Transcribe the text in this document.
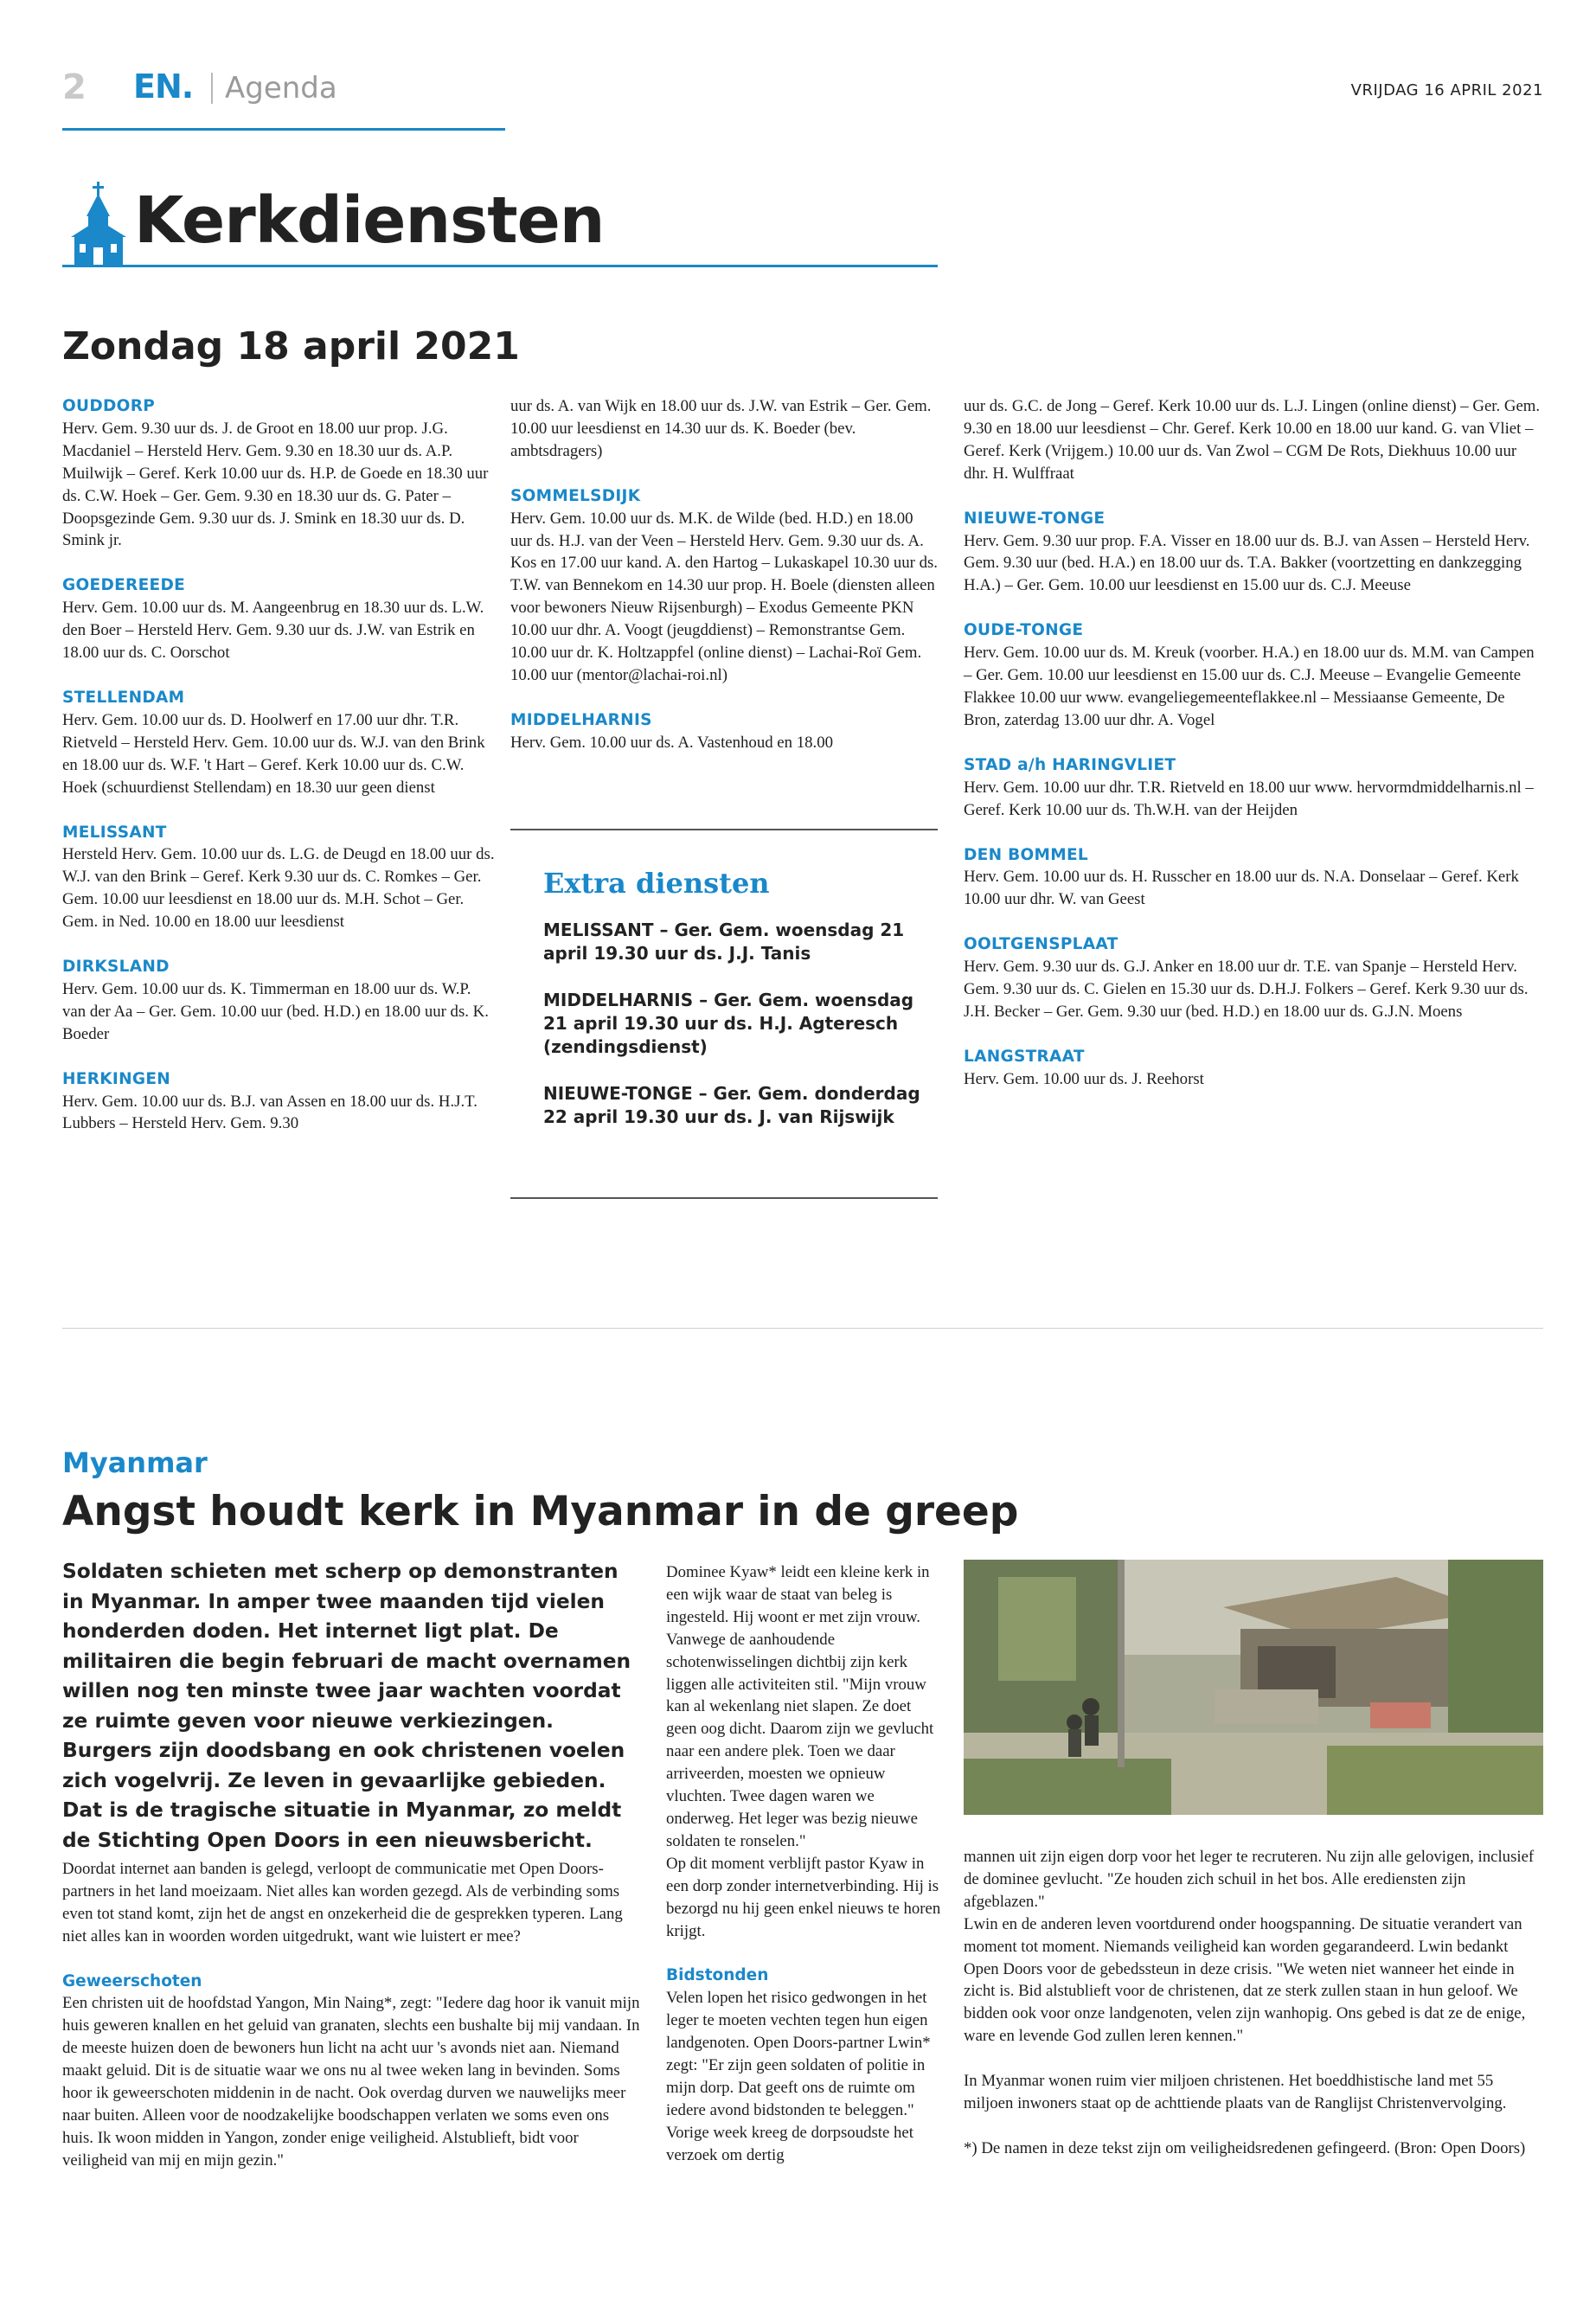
2 EN. Agenda	VRIJDAG 16 APRIL 2021
Kerkdiensten
Zondag 18 april 2021
OUDDORP

Herv. Gem. 9.30 uur ds. J. de Groot en 18.00 uur prop. J.G. Macdaniel – Hersteld Herv. Gem. 9.30 en 18.30 uur ds. A.P. Muilwijk – Geref. Kerk 10.00 uur ds. H.P. de Goede en 18.30 uur ds. C.W. Hoek – Ger. Gem. 9.30 en 18.30 uur ds. G. Pater – Doopsgezinde Gem. 9.30 uur ds. J. Smink en 18.30 uur ds. D. Smink jr.

GOEDEREEDE

Herv. Gem. 10.00 uur ds. M. Aangeenbrug en 18.30 uur ds. L.W. den Boer – Hersteld Herv. Gem. 9.30 uur ds. J.W. van Estrik en 18.00 uur ds. C. Oorschot

STELLENDAM

Herv. Gem. 10.00 uur ds. D. Hoolwerf en 17.00 uur dhr. T.R. Rietveld – Hersteld Herv. Gem. 10.00 uur ds. W.J. van den Brink en 18.00 uur ds. W.F. 't Hart – Geref. Kerk 10.00 uur ds. C.W. Hoek (schuurdienst Stellendam) en 18.30 uur geen dienst

MELISSANT

Hersteld Herv. Gem. 10.00 uur ds. L.G. de Deugd en 18.00 uur ds. W.J. van den Brink – Geref. Kerk 9.30 uur ds. C. Romkes – Ger. Gem. 10.00 uur leesdienst en 18.00 uur ds. M.H. Schot – Ger. Gem. in Ned. 10.00 en 18.00 uur leesdienst

DIRKSLAND

Herv. Gem. 10.00 uur ds. K. Timmerman en 18.00 uur ds. W.P. van der Aa – Ger. Gem. 10.00 uur (bed. H.D.) en 18.00 uur ds. K. Boeder

HERKINGEN

Herv. Gem. 10.00 uur ds. B.J. van Assen en 18.00 uur ds. H.J.T. Lubbers – Hersteld Herv. Gem. 9.30

uur ds. A. van Wijk en 18.00 uur ds. J.W. van Estrik – Ger. Gem. 10.00 uur leesdienst en 14.30 uur ds. K. Boeder (bev. ambtsdragers)

SOMMELSDIJK

Herv. Gem. 10.00 uur ds. M.K. de Wilde (bed. H.D.) en 18.00 uur ds. H.J. van der Veen – Hersteld Herv. Gem. 9.30 uur ds. A. Kos en 17.00 uur kand. A. den Hartog – Lukaskapel 10.30 uur ds. T.W. van Bennekom en 14.30 uur prop. H. Boele (diensten alleen voor bewoners Nieuw Rijsenburgh) – Exodus Gemeente PKN 10.00 uur dhr. A. Voogt (jeugddienst) – Remonstrantse Gem. 10.00 uur dr. K. Holtzappfel (online dienst) – Lachai-Roï Gem. 10.00 uur (mentor@lachai-roi.nl)

MIDDELHARNIS

Herv. Gem. 10.00 uur ds. A. Vastenhoud en 18.00

Extra diensten

MELISSANT – Ger. Gem. woensdag 21 april 19.30 uur ds. J.J. Tanis

MIDDELHARNIS – Ger. Gem. woensdag 21 april 19.30 uur ds. H.J. Agteresch (zendingsdienst)

NIEUWE-TONGE – Ger. Gem. donderdag 22 april 19.30 uur ds. J. van Rijswijk

uur ds. G.C. de Jong – Geref. Kerk 10.00 uur ds. L.J. Lingen (online dienst) – Ger. Gem. 9.30 en 18.00 uur leesdienst – Chr. Geref. Kerk 10.00 en 18.00 uur kand. G. van Vliet – Geref. Kerk (Vrijgem.) 10.00 uur ds. Van Zwol – CGM De Rots, Diekhuus 10.00 uur dhr. H. Wulffraat

NIEUWE-TONGE

Herv. Gem. 9.30 uur prop. F.A. Visser en 18.00 uur ds. B.J. van Assen – Hersteld Herv. Gem. 9.30 uur (bed. H.A.) en 18.00 uur ds. T.A. Bakker (voortzetting en dankzegging H.A.) – Ger. Gem. 10.00 uur leesdienst en 15.00 uur ds. C.J. Meeuse

OUDE-TONGE

Herv. Gem. 10.00 uur ds. M. Kreuk (voorber. H.A.) en 18.00 uur ds. M.M. van Campen – Ger. Gem. 10.00 uur leesdienst en 15.00 uur ds. C.J. Meeuse – Evangelie Gemeente Flakkee 10.00 uur www. evangeliegemeenteflakkee.nl – Messiaanse Gemeente, De Bron, zaterdag 13.00 uur dhr. A. Vogel

STAD a/h HARINGVLIET

Herv. Gem. 10.00 uur dhr. T.R. Rietveld en 18.00 uur www. hervormdmiddelharnis.nl – Geref. Kerk 10.00 uur ds. Th.W.H. van der Heijden

DEN BOMMEL

Herv. Gem. 10.00 uur ds. H. Russcher en 18.00 uur ds. N.A. Donselaar – Geref. Kerk 10.00 uur dhr. W. van Geest

OOLTGENSPLAAT

Herv. Gem. 9.30 uur ds. G.J. Anker en 18.00 uur dr. T.E. van Spanje – Hersteld Herv. Gem. 9.30 uur ds. C. Gielen en 15.30 uur ds. D.H.J. Folkers – Geref. Kerk 9.30 uur ds. J.H. Becker – Ger. Gem. 9.30 uur (bed. H.D.) en 18.00 uur ds. G.J.N. Moens

LANGSTRAAT

Herv. Gem. 10.00 uur ds. J. Reehorst

Myanmar
Angst houdt kerk in Myanmar in de greep
Soldaten schieten met scherp op demonstranten in Myanmar. In amper twee maanden tijd vielen honderden doden. Het internet ligt plat. De militairen die begin februari de macht overnamen willen nog ten minste twee jaar wachten voordat ze ruimte geven voor nieuwe verkiezingen. Burgers zijn doodsbang en ook christenen voelen zich vogelvrij. Ze leven in gevaarlijke gebieden. Dat is de tragische situatie in Myanmar, zo meldt de Stichting Open Doors in een nieuwsbericht.

Doordat internet aan banden is gelegd, verloopt de communicatie met Open Doors-partners in het land moeizaam. Niet alles kan worden gezegd. Als de verbinding soms even tot stand komt, zijn het de angst en onzekerheid die de gesprekken typeren. Lang niet alles kan in woorden worden uitgedrukt, want wie luistert er mee?

Geweerschoten

Een christen uit de hoofdstad Yangon, Min Naing*, zegt: "Iedere dag hoor ik vanuit mijn huis geweren knallen en het geluid van granaten, slechts een bushalte bij mij vandaan. In de meeste huizen doen de bewoners hun licht na acht uur 's avonds niet aan. Niemand maakt geluid. Dit is de situatie waar we ons nu al twee weken lang in bevinden. Soms hoor ik geweerschoten middenin in de nacht. Ook overdag durven we nauwelijks meer naar buiten. Alleen voor de noodzakelijke boodschappen verlaten we soms even ons huis. Ik woon midden in Yangon, zonder enige veiligheid. Alstublieft, bidt voor veiligheid van mij en mijn gezin."

Dominee Kyaw* leidt een kleine kerk in een wijk waar de staat van beleg is ingesteld. Hij woont er met zijn vrouw. Vanwege de aanhoudende schotenwisselingen dichtbij zijn kerk liggen alle activiteiten stil. "Mijn vrouw kan al wekenlang niet slapen. Ze doet geen oog dicht. Daarom zijn we gevlucht naar een andere plek. Toen we daar arriveerden, moesten we opnieuw vluchten. Twee dagen waren we onderweg. Het leger was bezig nieuwe soldaten te ronselen."

Op dit moment verblijft pastor Kyaw in een dorp zonder internetverbinding. Hij is bezorgd nu hij geen enkel nieuws te horen krijgt.

Bidstonden

Velen lopen het risico gedwongen in het leger te moeten vechten tegen hun eigen landgenoten. Open Doors-partner Lwin* zegt: "Er zijn geen soldaten of politie in mijn dorp. Dat geeft ons de ruimte om iedere avond bidstonden te beleggen." Vorige week kreeg de dorpsoudste het verzoek om dertig

mannen uit zijn eigen dorp voor het leger te recruteren. Nu zijn alle gelovigen, inclusief de dominee gevlucht. "Ze houden zich schuil in het bos. Alle erediensten zijn afgeblazen."

Lwin en de anderen leven voortdurend onder hoogspanning. De situatie verandert van moment tot moment. Niemands veiligheid kan worden gegarandeerd. Lwin bedankt Open Doors voor de gebedssteun in deze crisis. "We weten niet wanneer het einde in zicht is. Bid alstublieft voor de christenen, dat ze sterk zullen staan in hun geloof. We bidden ook voor onze landgenoten, velen zijn wanhopig. Ons gebed is dat ze de enige, ware en levende God zullen leren kennen."

In Myanmar wonen ruim vier miljoen christenen. Het boeddhistische land met 55 miljoen inwoners staat op de achttiende plaats van de Ranglijst Christenvervolging.

*) De namen in deze tekst zijn om veiligheidsredenen gefingeerd. (Bron: Open Doors)
